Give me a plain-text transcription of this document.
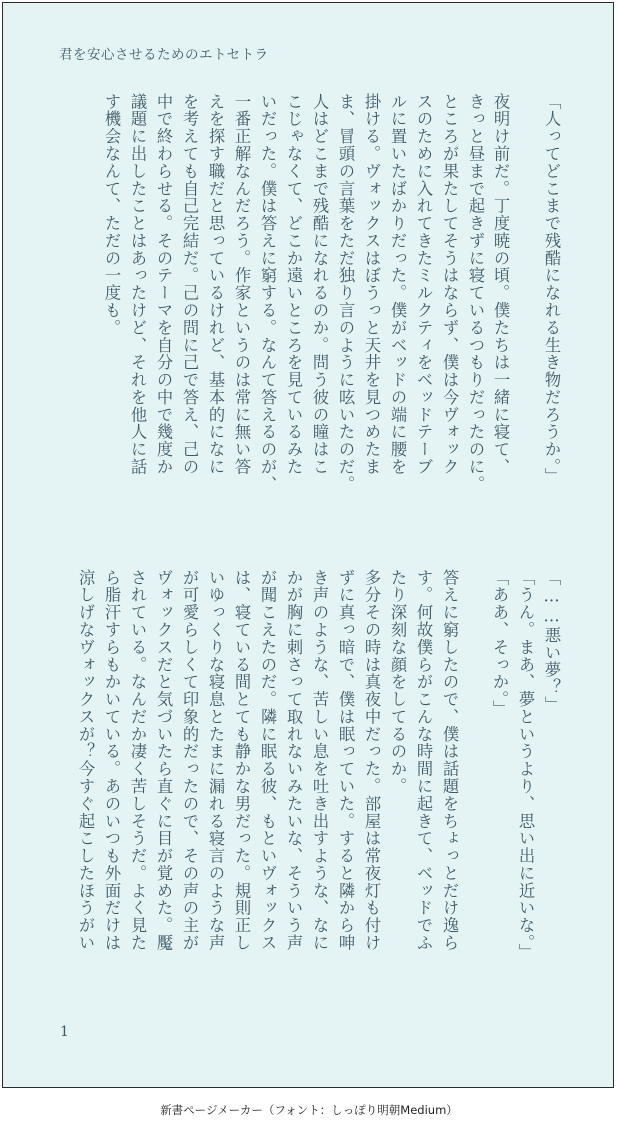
君を安心させるためのエトセトラ
「人ってどこまで残酷になれる生き物だろうか。」
夜明け前だ。丁度暁の頃。僕たちは一緒に寝て、
きっと昼まで起きずに寝ているつもりだったのに。
ところが果たしてそうはならず、僕は今ヴォック
スのために入れてきたミルクティをベッドテーブ
ルに置いたばかりだった。僕がベッドの端に腰を
掛ける。ヴォックスはぼうっと天井を見つめたま
ま、冒頭の言葉をただ独り言のように呟いたのだ。
人はどこまで残酷になれるのか。問う彼の瞳はこ
こじゃなくて、どこか遠いところを見ているみた
いだった。僕は答えに窮する。なんて答えるのが、
一番正解なんだろう。作家というのは常に無い答
えを探す職だと思っているけれど、基本的になに
を考えても自己完結だ。己の問に己で答え、己の
中で終わらせる。そのテーマを自分の中で幾度か
議題に出したことはあったけど、それを他人に話
す機会なんて、ただの一度も。
「……悪い夢？」
「うん。まあ、夢というより、思い出に近いな。」
「ああ、そっか。」
答えに窮したので、僕は話題をちょっとだけ逸ら
す。何故僕らがこんな時間に起きて、ベッドでふ
たり深刻な顔をしてるのか。
多分その時は真夜中だった。部屋は常夜灯も付け
ずに真っ暗で、僕は眠っていた。すると隣から呻
き声のような、苦しい息を吐き出すような、なに
かが胸に刺さって取れないみたいな、そういう声
が聞こえたのだ。隣に眠る彼、もといヴォックス
は、寝ている間とても静かな男だった。規則正し
いゆっくりな寝息とたまに漏れる寝言のような声
が可愛らしくて印象的だったので、その声の主が
ヴォックスだと気づいたら直ぐに目が覚めた。魘
されている。なんだか凄く苦しそうだ。よく見た
ら脂汗すらもかいている。あのいつも外面だけは
涼しげなヴォックスが？今すぐ起こしたほうがい
1
新書ページメーカー（フォント：しっぽり明朝Medium）
